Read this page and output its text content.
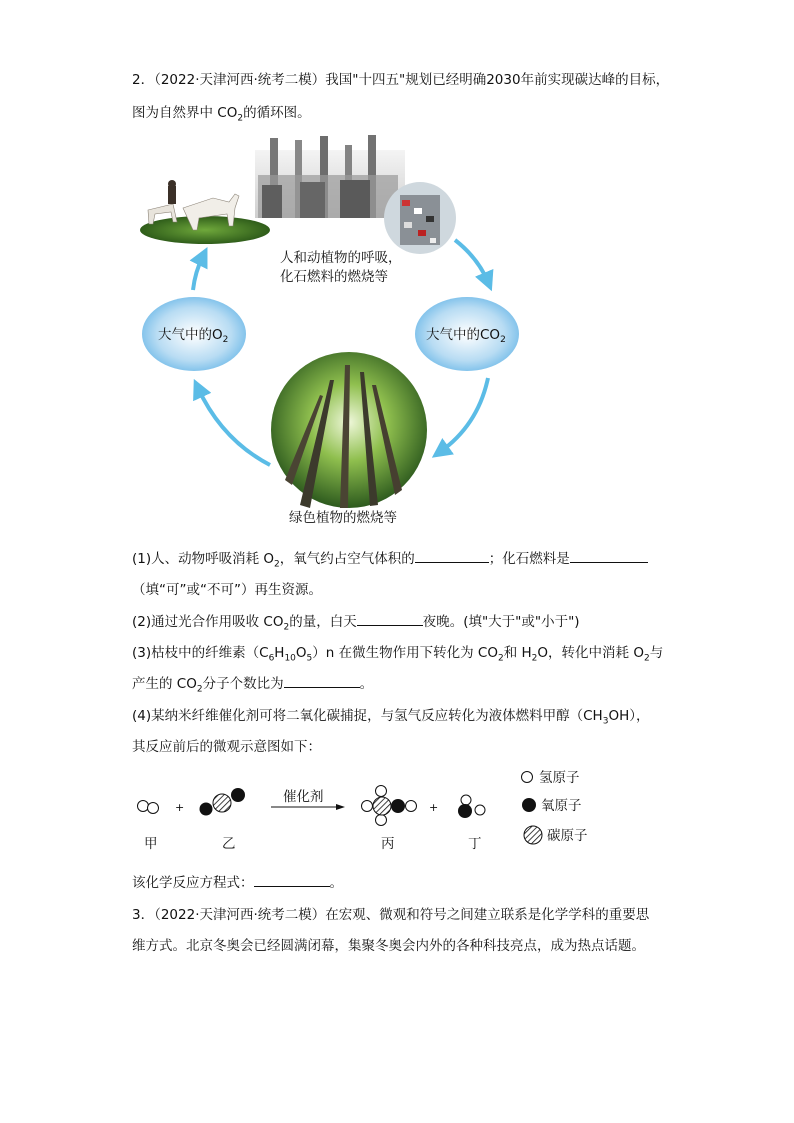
2．（2022·天津河西·统考二模）我国"十四五"规划已经明确2030年前实现碳达峰的目标，
图为自然界中 $CO_2$的循环图。
人和动植物的呼吸，
化石燃料的燃烧等
大气中的$O_2$	大气中的$CO_2$
绿色植物的燃烧等
(1)人、动物呼吸消耗 $O_2$，氧气约占空气体积的	；化石燃料是
（填“可”或“不可”）再生资源。
(2)通过光合作用吸收 $CO_2$的量，白天	夜晚。(填"大于"或"小于")
(3)枯枝中的纤维素$(C_6H_{10}O_5)n$ 在微生物作用下转化为 $CO_2$和 $H_2O$，转化中消耗 $O_2$与
产生的 $CO_2$分子个数比为	。
(4)某纳米纤维催化剂可将二氧化碳捕捉，与氢气反应转化为液体燃料甲醇$(CH_3OH)$，
其反应前后的微观示意图如下：
+
催化剂
+
甲	乙	丙	丁
氢原子
氧原子
碳原子
该化学反应方程式：	。
3．（2022·天津河西·统考二模）在宏观、微观和符号之间建立联系是化学学科的重要思
维方式。北京冬奥会已经圆满闭幕，集聚冬奥会内外的各种科技亮点，成为热点话题。
